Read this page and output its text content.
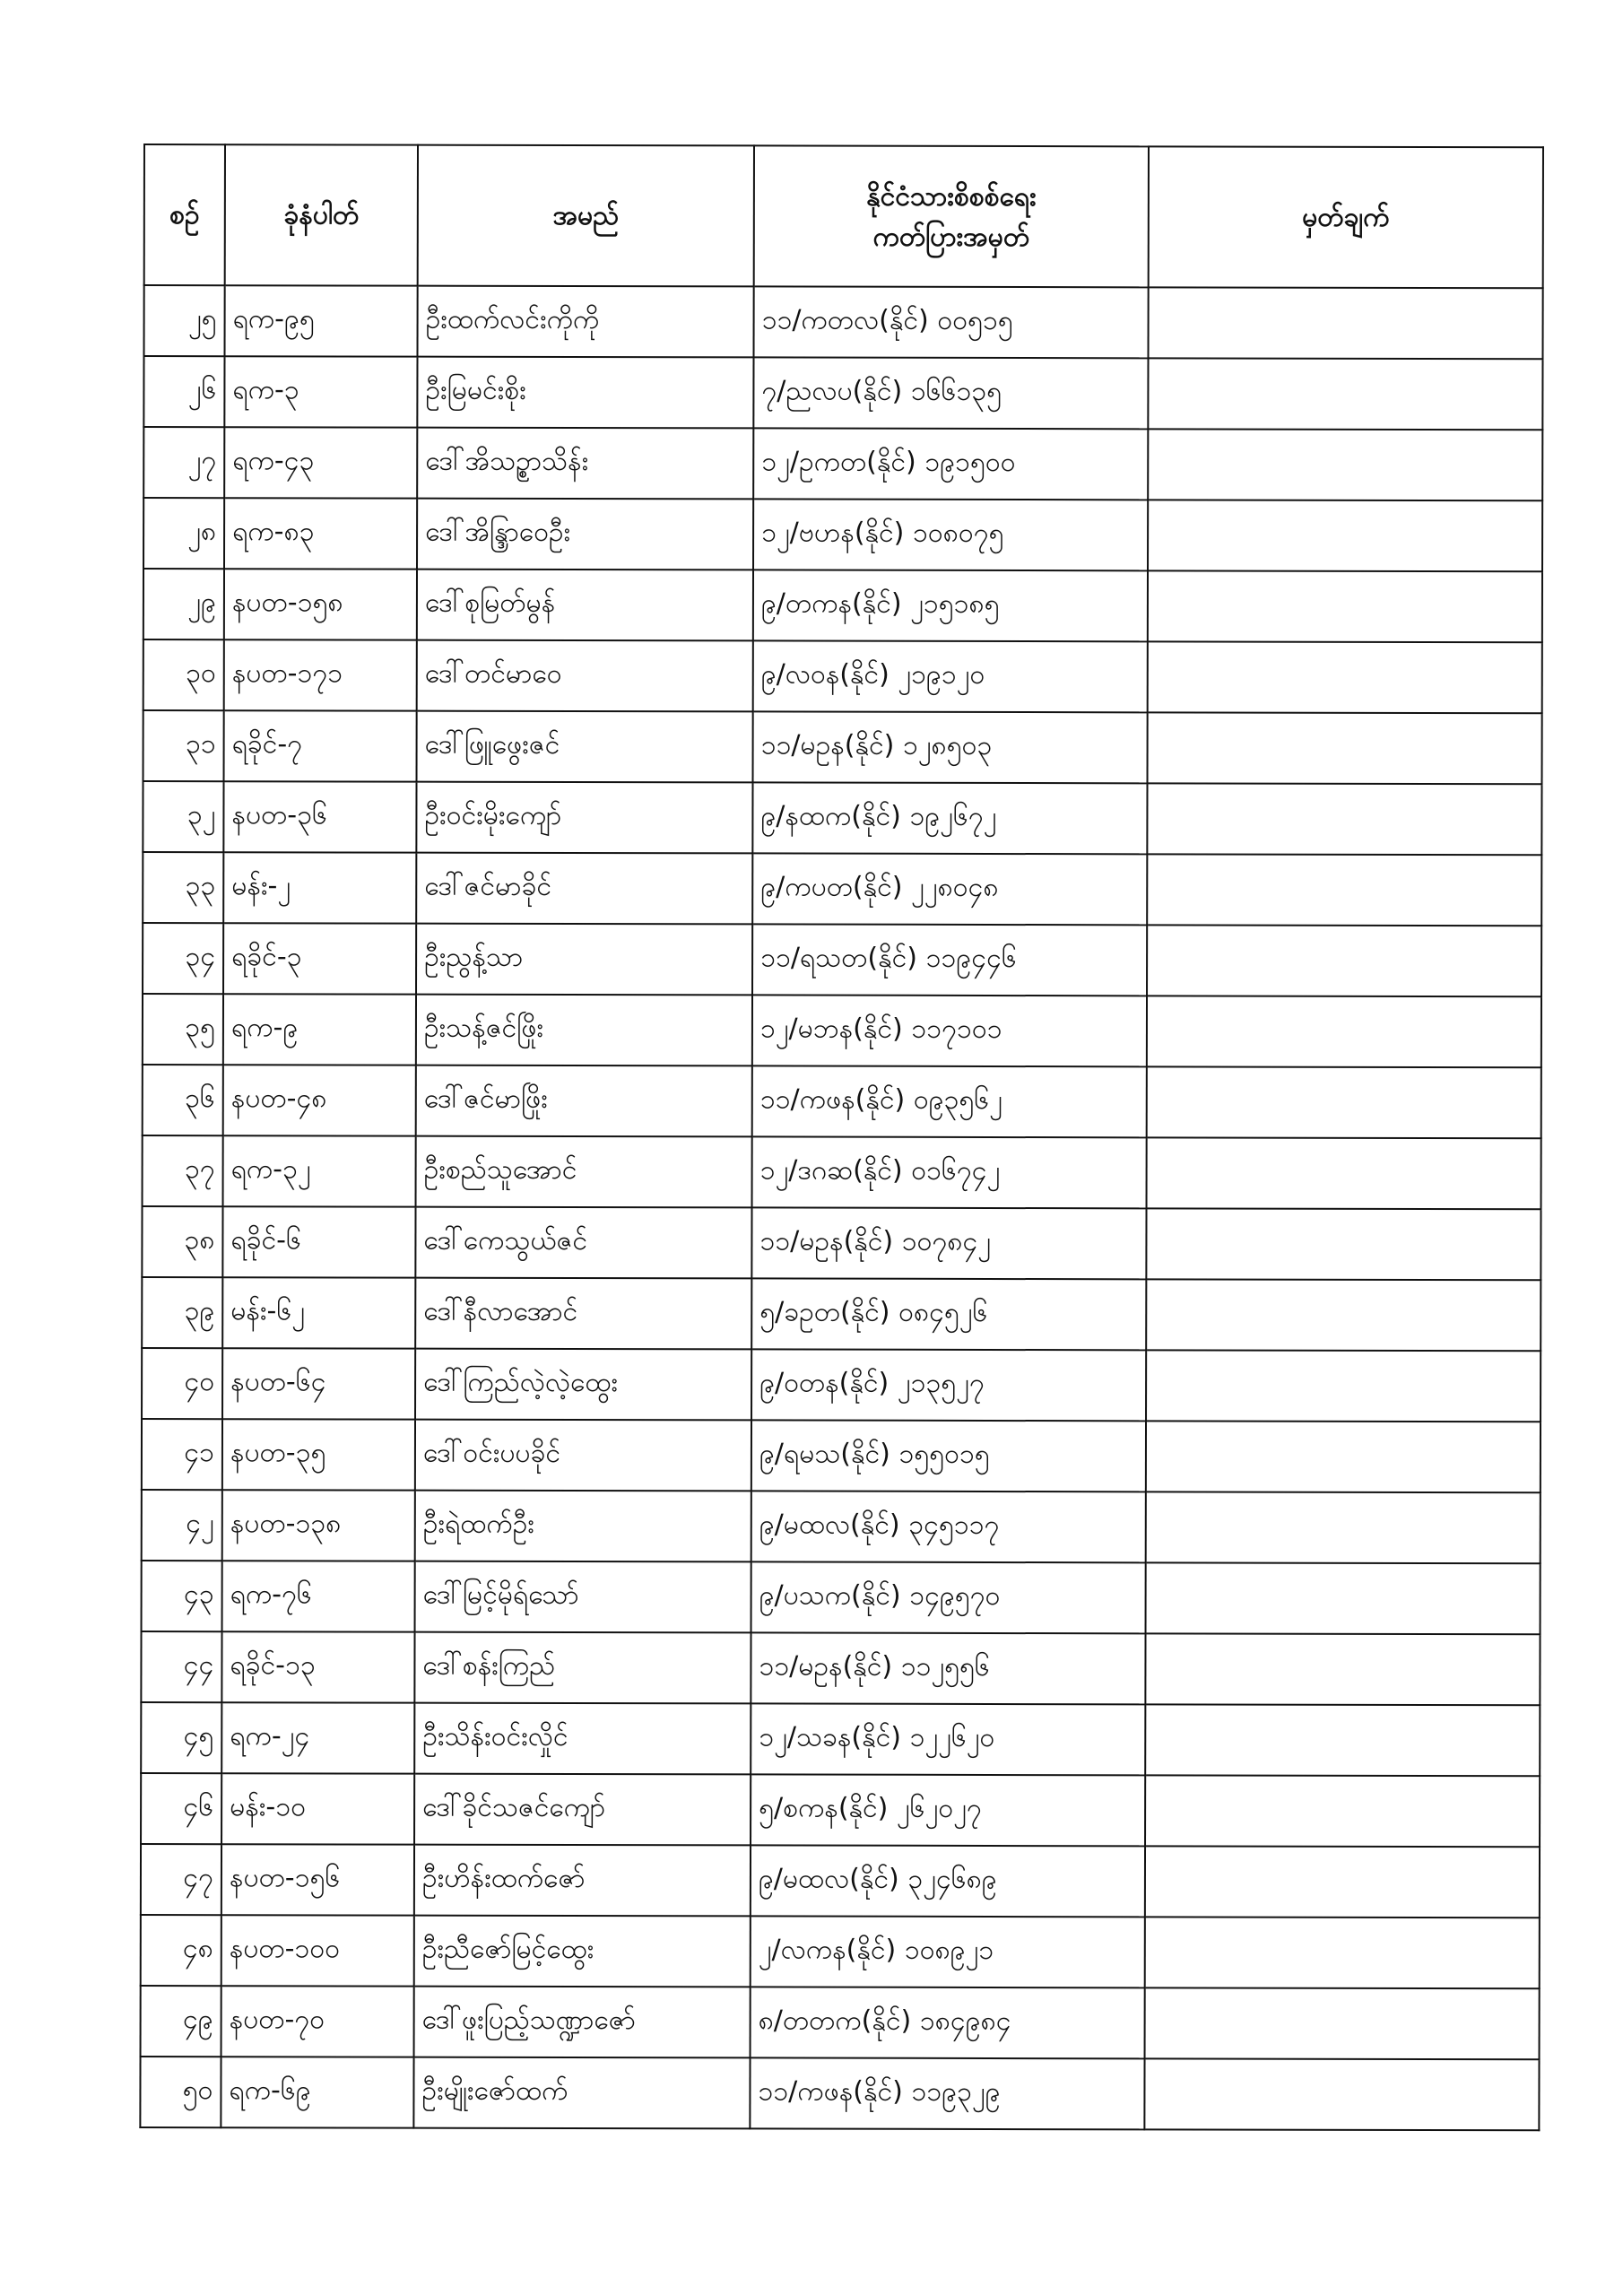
စဉ်	ခုံနံပါတ်	အမည်	နိုင်ငံသားစိစစ်ရေး
ကတ်ပြားအမှတ်	မှတ်ချက်
၂၅	ရက-၉၅	ဦးထက်လင်းကိုကို	၁၁/ကတလ(နိုင်) ၀၀၅၁၅	
၂၆	ရက-၃	ဦးမြမင်းစိုး	၇/ညလပ(နိုင်) ၁၆၆၁၃၅	
၂၇	ရက-၄၃	ဒေါ်အိသဥ္စာသိန်း	၁၂/ဥကတ(နိုင်) ၁၉၁၅၀၀	
၂၈	ရက-၈၃	ဒေါ်အိန္ဒြာဝေဦး	၁၂/ဗဟန(နိုင်) ၁၀၈၀၇၅	
၂၉	နပတ-၁၅၈	ဒေါ်စုမြတ်မွန်	၉/တကန(နိုင်) ၂၁၅၁၈၅	
၃၀	နပတ-၁၇၁	ဒေါ်တင်မာဝေ	၉/လဝန(နိုင်) ၂၁၉၁၂၀	
၃၁	ရခိုင်-၇	ဒေါ်ဖြူဖွေးဇင်	၁၁/မဥန(နိုင်) ၁၂၈၅၀၃	
၃၂	နပတ-၃၆	ဦးဝင်းမိုးကျော်	၉/နထက(နိုင်) ၁၉၂၆၇၂	
၃၃	မန်း-၂	ဒေါ်ဇင်မာခိုင်	၉/ကပတ(နိုင်) ၂၂၈၀၄၈	
၃၄	ရခိုင်-၃	ဦးညွန့်သာ	၁၁/ရသတ(နိုင်) ၁၁၉၄၄၆	
၃၅	ရက-၉	ဦးသန့်ဇင်ဖြိုး	၁၂/မဘန(နိုင်) ၁၁၇၁၀၁	
၃၆	နပတ-၄၈	ဒေါ်ဇင်မာဖြိုး	၁၁/ကဖန(နိုင်) ၀၉၃၅၆၂	
၃၇	ရက-၃၂	ဦးစည်သူအောင်	၁၂/ဒဂဆ(နိုင်) ၀၁၆၇၄၂	
၃၈	ရခိုင်-၆	ဒေါ်ကေသွယ်ဇင်	၁၁/မဥန(နိုင်) ၁၀၇၈၄၂	
၃၉	မန်း-၆၂	ဒေါ်နီလာအောင်	၅/ခဥတ(နိုင်) ၀၈၄၅၂၆	
၄၀	နပတ-၆၄	ဒေါ်ကြည်လဲ့လဲ့ထွေး	၉/ဝတန(နိုင်) ၂၁၃၅၂၇	
၄၁	နပတ-၃၅	ဒေါ်ဝင်းပပခိုင်	၉/ရမသ(နိုင်) ၁၅၅၀၁၅	
၄၂	နပတ-၁၃၈	ဦးရဲထက်ဦး	၉/မထလ(နိုင်) ၃၄၅၁၁၇	
၄၃	ရက-၇၆	ဒေါ်မြင့်မိုရ်သော်	၉/ပသက(နိုင်) ၁၄၉၅၇၀	
၄၄	ရခိုင်-၁၃	ဒေါ်စန်းကြည်	၁၁/မဥန(နိုင်) ၁၁၂၅၅၆	
၄၅	ရက-၂၄	ဦးသိန်းဝင်းလှိုင်	၁၂/သခန(နိုင်) ၁၂၂၆၂၀	
၄၆	မန်း-၁၀	ဒေါ်ခိုင်သဇင်ကျော်	၅/စကန(နိုင်) ၂၆၂၀၂၇	
၄၇	နပတ-၁၅၆	ဦးဟိန်းထက်ဇော်	၉/မထလ(နိုင်) ၃၂၄၆၈၉	
၄၈	နပတ-၁၀၀	ဦးညီဇော်မြင့်ထွေး	၂/လကန(နိုင်) ၁၀၈၉၂၁	
၄၉	နပတ-၇၀	ဒေါ်ဖူးပြည့်သဏ္ဍာဇော်	၈/တတက(နိုင်) ၁၈၄၉၈၄	
၅၀	ရက-၆၉	ဦးမျိုးဇော်ထက်	၁၁/ကဖန(နိုင်) ၁၁၉၃၂၉	
